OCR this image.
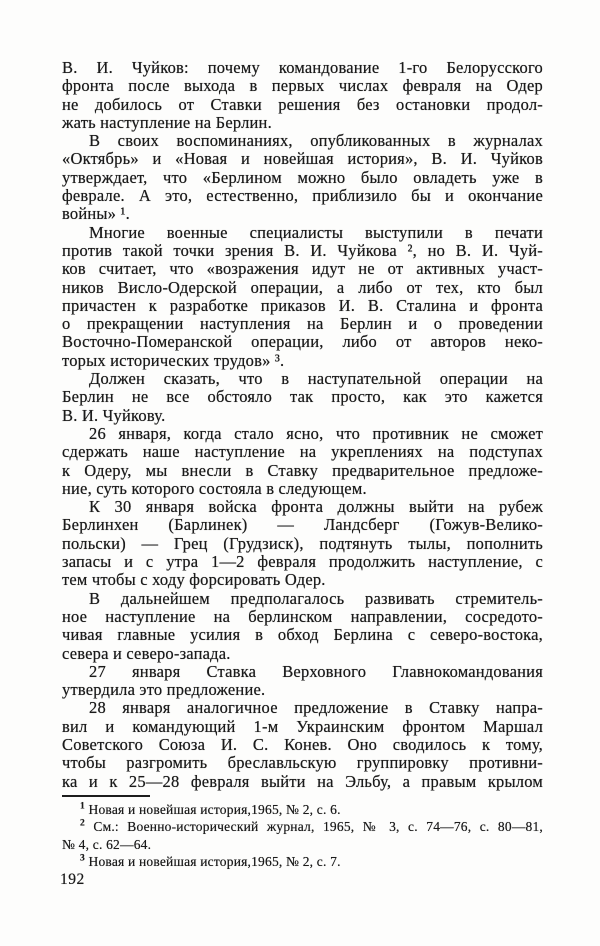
В. И. Чуйков: почему командование 1-го Белорусского
фронта после выхода в первых числах февраля на Одер
не добилось от Ставки решения без остановки продол-
жать наступление на Берлин.
В своих воспоминаниях, опубликованных в журналах
«Октябрь» и «Новая и новейшая история», В. И. Чуйков
утверждает, что «Берлином можно было овладеть уже в
феврале. А это, естественно, приблизило бы и окончание
войны» ¹.
Многие военные специалисты выступили в печати
против такой точки зрения В. И. Чуйкова ², но В. И. Чуй-
ков считает, что «возражения идут не от активных участ-
ников Висло-Одерской операции, а либо от тех, кто был
причастен к разработке приказов И. В. Сталина и фронта
о прекращении наступления на Берлин и о проведении
Восточно-Померанской операции, либо от авторов неко-
торых исторических трудов» ³.
Должен сказать, что в наступательной операции на
Берлин не все обстояло так просто, как это кажется
В. И. Чуйкову.
26 января, когда стало ясно, что противник не сможет
сдержать наше наступление на укреплениях на подступах
к Одеру, мы внесли в Ставку предварительное предложе-
ние, суть которого состояла в следующем.
К 30 января войска фронта должны выйти на рубеж
Берлинхен (Барлинек) — Ландсберг (Гожув-Велико-
польски) — Грец (Грудзиск), подтянуть тылы, пополнить
запасы и с утра 1—2 февраля продолжить наступление, с
тем чтобы с ходу форсировать Одер.
В дальнейшем предполагалось развивать стремитель-
ное наступление на берлинском направлении, сосредото-
чивая главные усилия в обход Берлина с северо-востока,
севера и северо-запада.
27 января Ставка Верховного Главнокомандования
утвердила это предложение.
28 января аналогичное предложение в Ставку напра-
вил и командующий 1-м Украинским фронтом Маршал
Советского Союза И. С. Конев. Оно сводилось к тому,
чтобы разгромить бреславльскую группировку противни-
ка и к 25—28 февраля выйти на Эльбу, а правым крылом
$^1$ Новая и новейшая история,1965, № 2, с. 6.
$^2$ См.: Военно-исторический журнал, 1965, № 3, с. 74—76, с. 80—81,
№ 4, с. 62—64.
$^3$ Новая и новейшая история,1965, № 2, с. 7.
192
